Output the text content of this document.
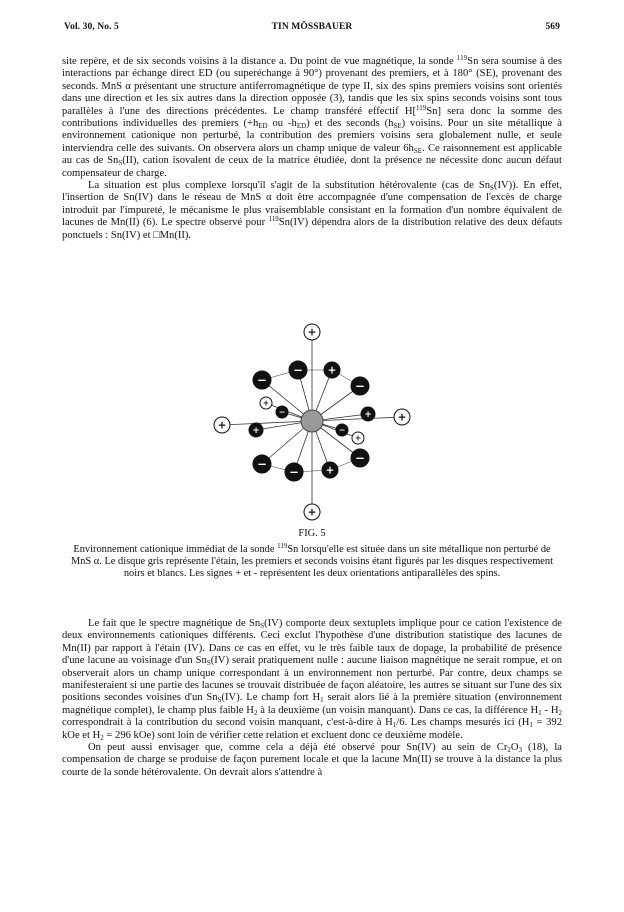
Vol. 30, No. 5	TIN MÖSSBAUER	569

site repère, et de six seconds voisins à la distance a. Du point de vue magnétique, la sonde $^{119}$Sn sera soumise à des interactions par échange direct ED (ou superéchange à 90°) provenant des premiers, et à 180° (SE), provenant des seconds. MnS α présentant une structure antiferromagnétique de type II, six des spins premiers voisins sont orientés dans une direction et les six autres dans la direction opposée (3), tandis que les six spins seconds voisins sont tous parallèles à l'une des directions précédentes. Le champ transféré effectif H[$^{119}$Sn] sera donc la somme des contributions individuelles des premiers ($+h_{ED}$ ou $-h_{ED}$) et des seconds $(h_{SE})$ voisins. Pour un site métallique à environnement cationique non perturbé, la contribution des premiers voisins sera globalement nulle, et seule interviendra celle des suivants. On observera alors un champ unique de valeur $6h_{SE}$. Ce raisonnement est applicable au cas de $Sn_S(II)$, cation isovalent de ceux de la matrice étudiée, dont la présence ne nécessite donc aucun défaut compensateur de charge.

La situation est plus complexe lorsqu'il s'agit de la substitution hétérovalente (cas de $Sn_S(IV)$). En effet, l'insertion de Sn(IV) dans le réseau de MnS α doit être accompagnée d'une compensation de l'excès de charge introduit par l'impureté, le mécanisme le plus vraisemblable consistant en la formation d'un nombre équivalent de lacunes de Mn(II) (6). Le spectre observé pour $^{119}$Sn(IV) dépendra alors de la distribution relative des deux défauts ponctuels : Sn(IV) et □Mn(II).

+
+
+
+
+
+
−
− +
−
−
−	+
−
+
+
−
−
FIG. 5
Environnement cationique immédiat de la sonde $^{119}$Sn lorsqu'elle est située dans un site métallique non perturbé de MnS α. Le disque gris représente l'étain, les premiers et seconds voisins étant figurés par les disques respectivement noirs et blancs. Les signes + et - représentent les deux orientations antiparallèles des spins.

Le fait que le spectre magnétique de $Sn_S(IV)$ comporte deux sextuplets implique pour ce cation l'existence de deux environnements cationiques différents. Ceci exclut l'hypothèse d'une distribution statistique des lacunes de Mn(II) par rapport à l'étain (IV). Dans ce cas en effet, vu le très faible taux de dopage, la probabilité de présence d'une lacune au voisinage d'un $Sn_S(IV)$ serait pratiquement nulle : aucune liaison magnétique ne serait rompue, et on observerait alors un champ unique correspondant à un environnement non perturbé. Par contre, deux champs se manifesteraient si une partie des lacunes se trouvait distribuée de façon aléatoire, les autres se situant sur l'une des six positions secondes voisines d'un $Sn_S(IV)$. Le champ fort $H_1$ serait alors lié à la première situation (environnement magnétique complet), le champ plus faible $H_2$ à la deuxième (un voisin manquant). Dans ce cas, la différence $H_1 - H_2$ correspondrait à la contribution du second voisin manquant, c'est-à-dire à $H_1/6$. Les champs mesurés ici ($H_1 = 392$ kOe et $H_2 = 296$ kOe) sont loin de vérifier cette relation et excluent donc ce deuxième modèle.

On peut aussi envisager que, comme cela a déjà été observé pour Sn(IV) au sein de $Cr_2O_3$ (18), la compensation de charge se produise de façon purement locale et que la lacune Mn(II) se trouve à la distance la plus courte de la sonde hétérovalente. On devrait alors s'attendre à
